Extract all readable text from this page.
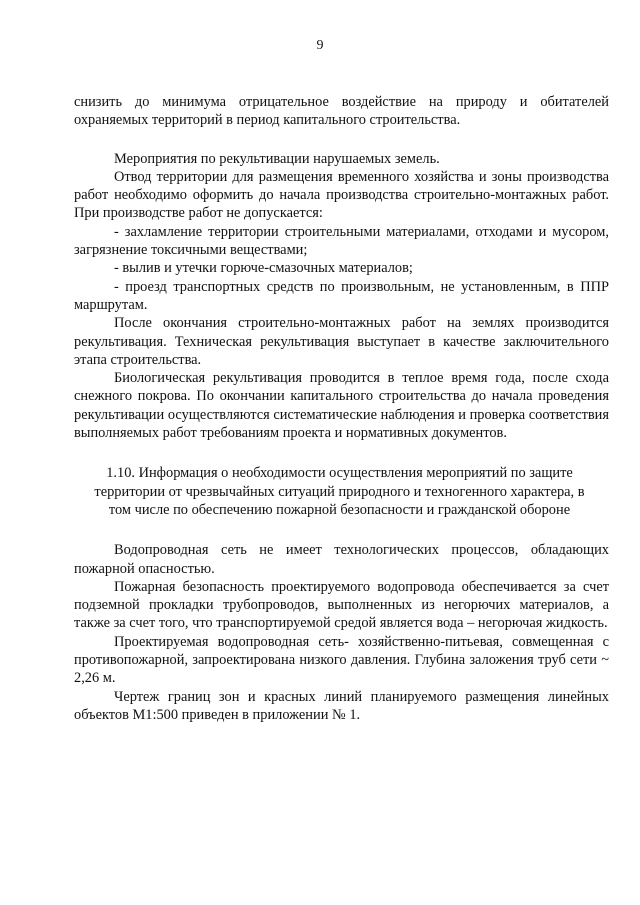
9

снизить до минимума отрицательное воздействие на природу и обитателей охраняемых территорий в период капитального строительства.

Мероприятия по рекультивации нарушаемых земель.

Отвод территории для размещения временного хозяйства и зоны производства работ необходимо оформить до начала производства строительно-монтажных работ. При производстве работ не допускается:

- захламление территории строительными материалами, отходами и мусором, загрязнение токсичными веществами;

- вылив и утечки горюче-смазочных материалов;

- проезд транспортных средств по произвольным, не установленным, в ППР маршрутам.

После окончания строительно-монтажных работ на землях производится рекультивация. Техническая рекультивация выступает в качестве заключительного этапа строительства.

Биологическая рекультивация проводится в теплое время года, после схода снежного покрова. По окончании капитального строительства до начала проведения рекультивации осуществляются систематические наблюдения и проверка соответствия выполняемых работ требованиям проекта и нормативных документов.

1.10. Информация о необходимости осуществления мероприятий по защите

территории от чрезвычайных ситуаций природного и техногенного характера, в

том числе по обеспечению пожарной безопасности и гражданской обороне

Водопроводная сеть не имеет технологических процессов, обладающих пожарной опасностью.

Пожарная безопасность проектируемого водопровода обеспечивается за счет подземной прокладки трубопроводов, выполненных из негорючих материалов, а также за счет того, что транспортируемой средой является вода – негорючая жидкость.

Проектируемая водопроводная сеть- хозяйственно-питьевая, совмещенная с противопожарной, запроектирована низкого давления. Глубина заложения труб сети ~ 2,26 м.

Чертеж границ зон и красных линий планируемого размещения линейных объектов М1:500 приведен в приложении № 1.
